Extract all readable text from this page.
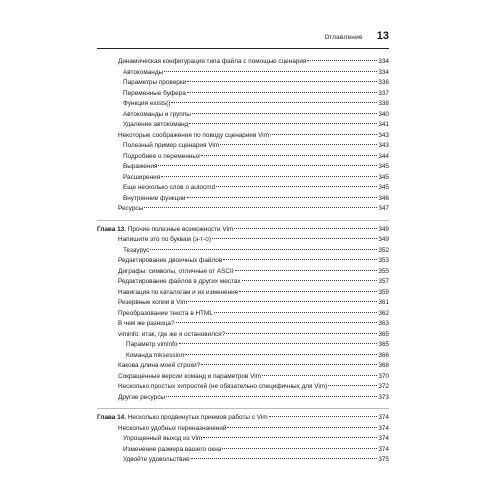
Оглавление 13
Динамическая конфигурация типа файла с помощью сценария	334
Автокоманды	334
Параметры проверки	336
Переменные буфера	337
Функция exists()	338
Автокоманды и группы	340
Удаление автокоманд	341
Некоторые соображения по поводу сценариев Vim	343
Полезный пример сценария Vim	343
Подробнее о переменных	344
Выражения	345
Расширения	345
Еще несколько слов о autocmd	345
Внутренние функции	346
Ресурсы	347
Глава 13. Прочие полезные возможности Vim	349
Напишите это по буквам (э-т-о)	349
Тезаурус	352
Редактирование двоичных файлов	353
Диграфы: символы, отличные от ASCII	355
Редактирование файлов в других местах	357
Навигация по каталогам и их изменение	359
Резервные копии в Vim	361
Преобразование текста в HTML	362
В чем же разница?	363
viminfo: итак, где же я остановился?	365
Параметр viminfo	365
Команда mksession	366
Какова длина моей строки?	368
Сокращенные версии команд и параметров Vim	370
Несколько простых хитростей (не обязательно специфичных для Vim)	372
Другие ресурсы	373
Глава 14. Несколько продвинутых приемов работы с Vim	374
Несколько удобных переназначений	374
Упрощенный выход из Vim	374
Изменение размера вашего окна	374
Удвойте удовольствие	375
